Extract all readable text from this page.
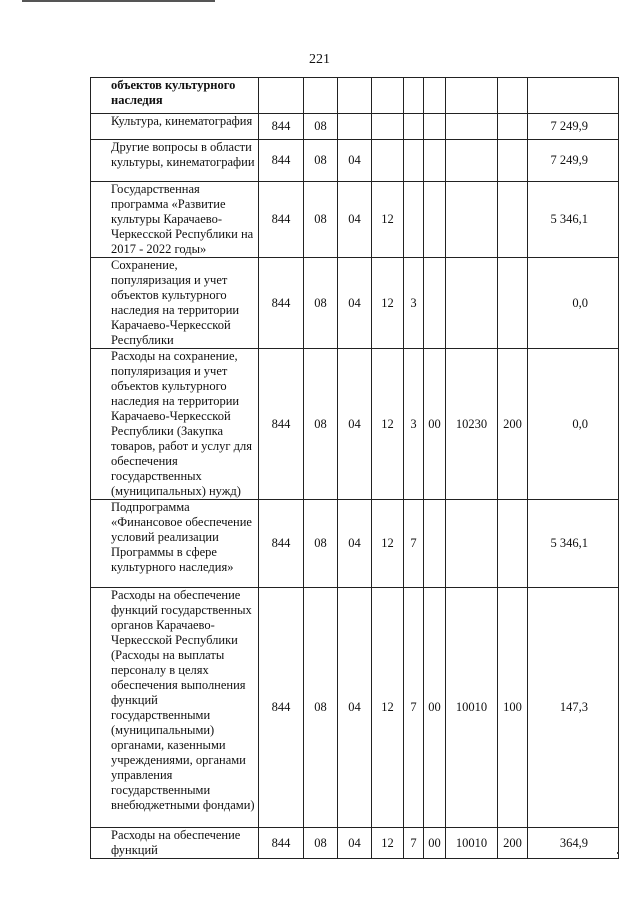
221
объектов культурного наследия									
Культура, кинематография	844	08							7 249,9
Другие вопросы в области культуры, кинематографии	844	08	04						7 249,9
Государственная программа «Развитие культуры Карачаево-Черкесской Республики на 2017 - 2022 годы»	844	08	04	12					5 346,1
Сохранение, популяризация и учет объектов культурного наследия на территории Карачаево-Черкесской Республики	844	08	04	12	3				0,0
Расходы на сохранение, популяризация и учет объектов культурного наследия на территории Карачаево-Черкесской Республики (Закупка товаров, работ и услуг для обеспечения государственных (муниципальных) нужд)	844	08	04	12	3	00	10230	200	0,0
Подпрограмма «Финансовое обеспечение условий реализации Программы в сфере культурного наследия»	844	08	04	12	7				5 346,1
Расходы на обеспечение функций государственных органов Карачаево-Черкесской Республики (Расходы на выплаты персоналу в целях обеспечения выполнения функций государственными (муниципальными) органами, казенными учреждениями, органами управления государственными внебюджетными фондами)	844	08	04	12	7	00	10010	100	147,3
Расходы на обеспечение функций	844	08	04	12	7	00	10010	200	364,9
